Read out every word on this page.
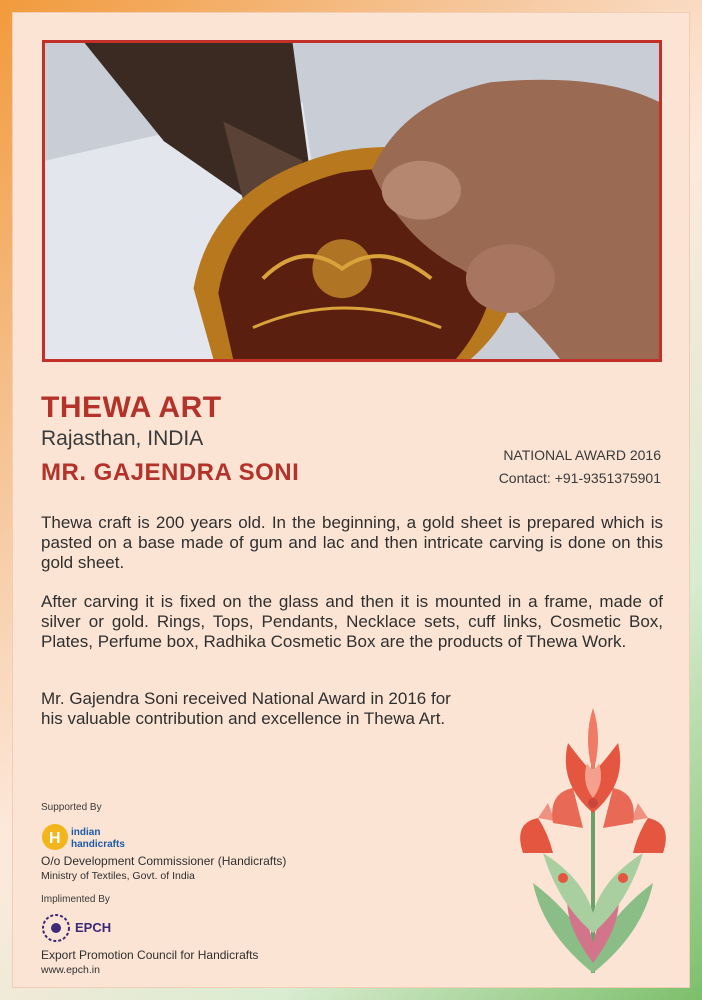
THEWA ART
Rajasthan, INDIA
MR. GAJENDRA SONI
NATIONAL AWARD 2016
Contact: +91-9351375901

Thewa craft is 200 years old. In the beginning, a gold sheet is prepared which is pasted on a base made of gum and lac and then intricate carving is done on this gold sheet.

After carving it is fixed on the glass and then it is mounted in a frame, made of silver or gold. Rings, Tops, Pendants, Necklace sets, cuff links, Cosmetic Box, Plates, Perfume box, Radhika Cosmetic Box are the products of Thewa Work.

Mr. Gajendra Soni received National Award in 2016 for his valuable contribution and excellence in Thewa Art.

Supported By
H indian
handicrafts
O/o Development Commissioner (Handicrafts)
Ministry of Textiles, Govt. of India
Implimented By
EPCH
Export Promotion Council for Handicrafts
www.epch.in
